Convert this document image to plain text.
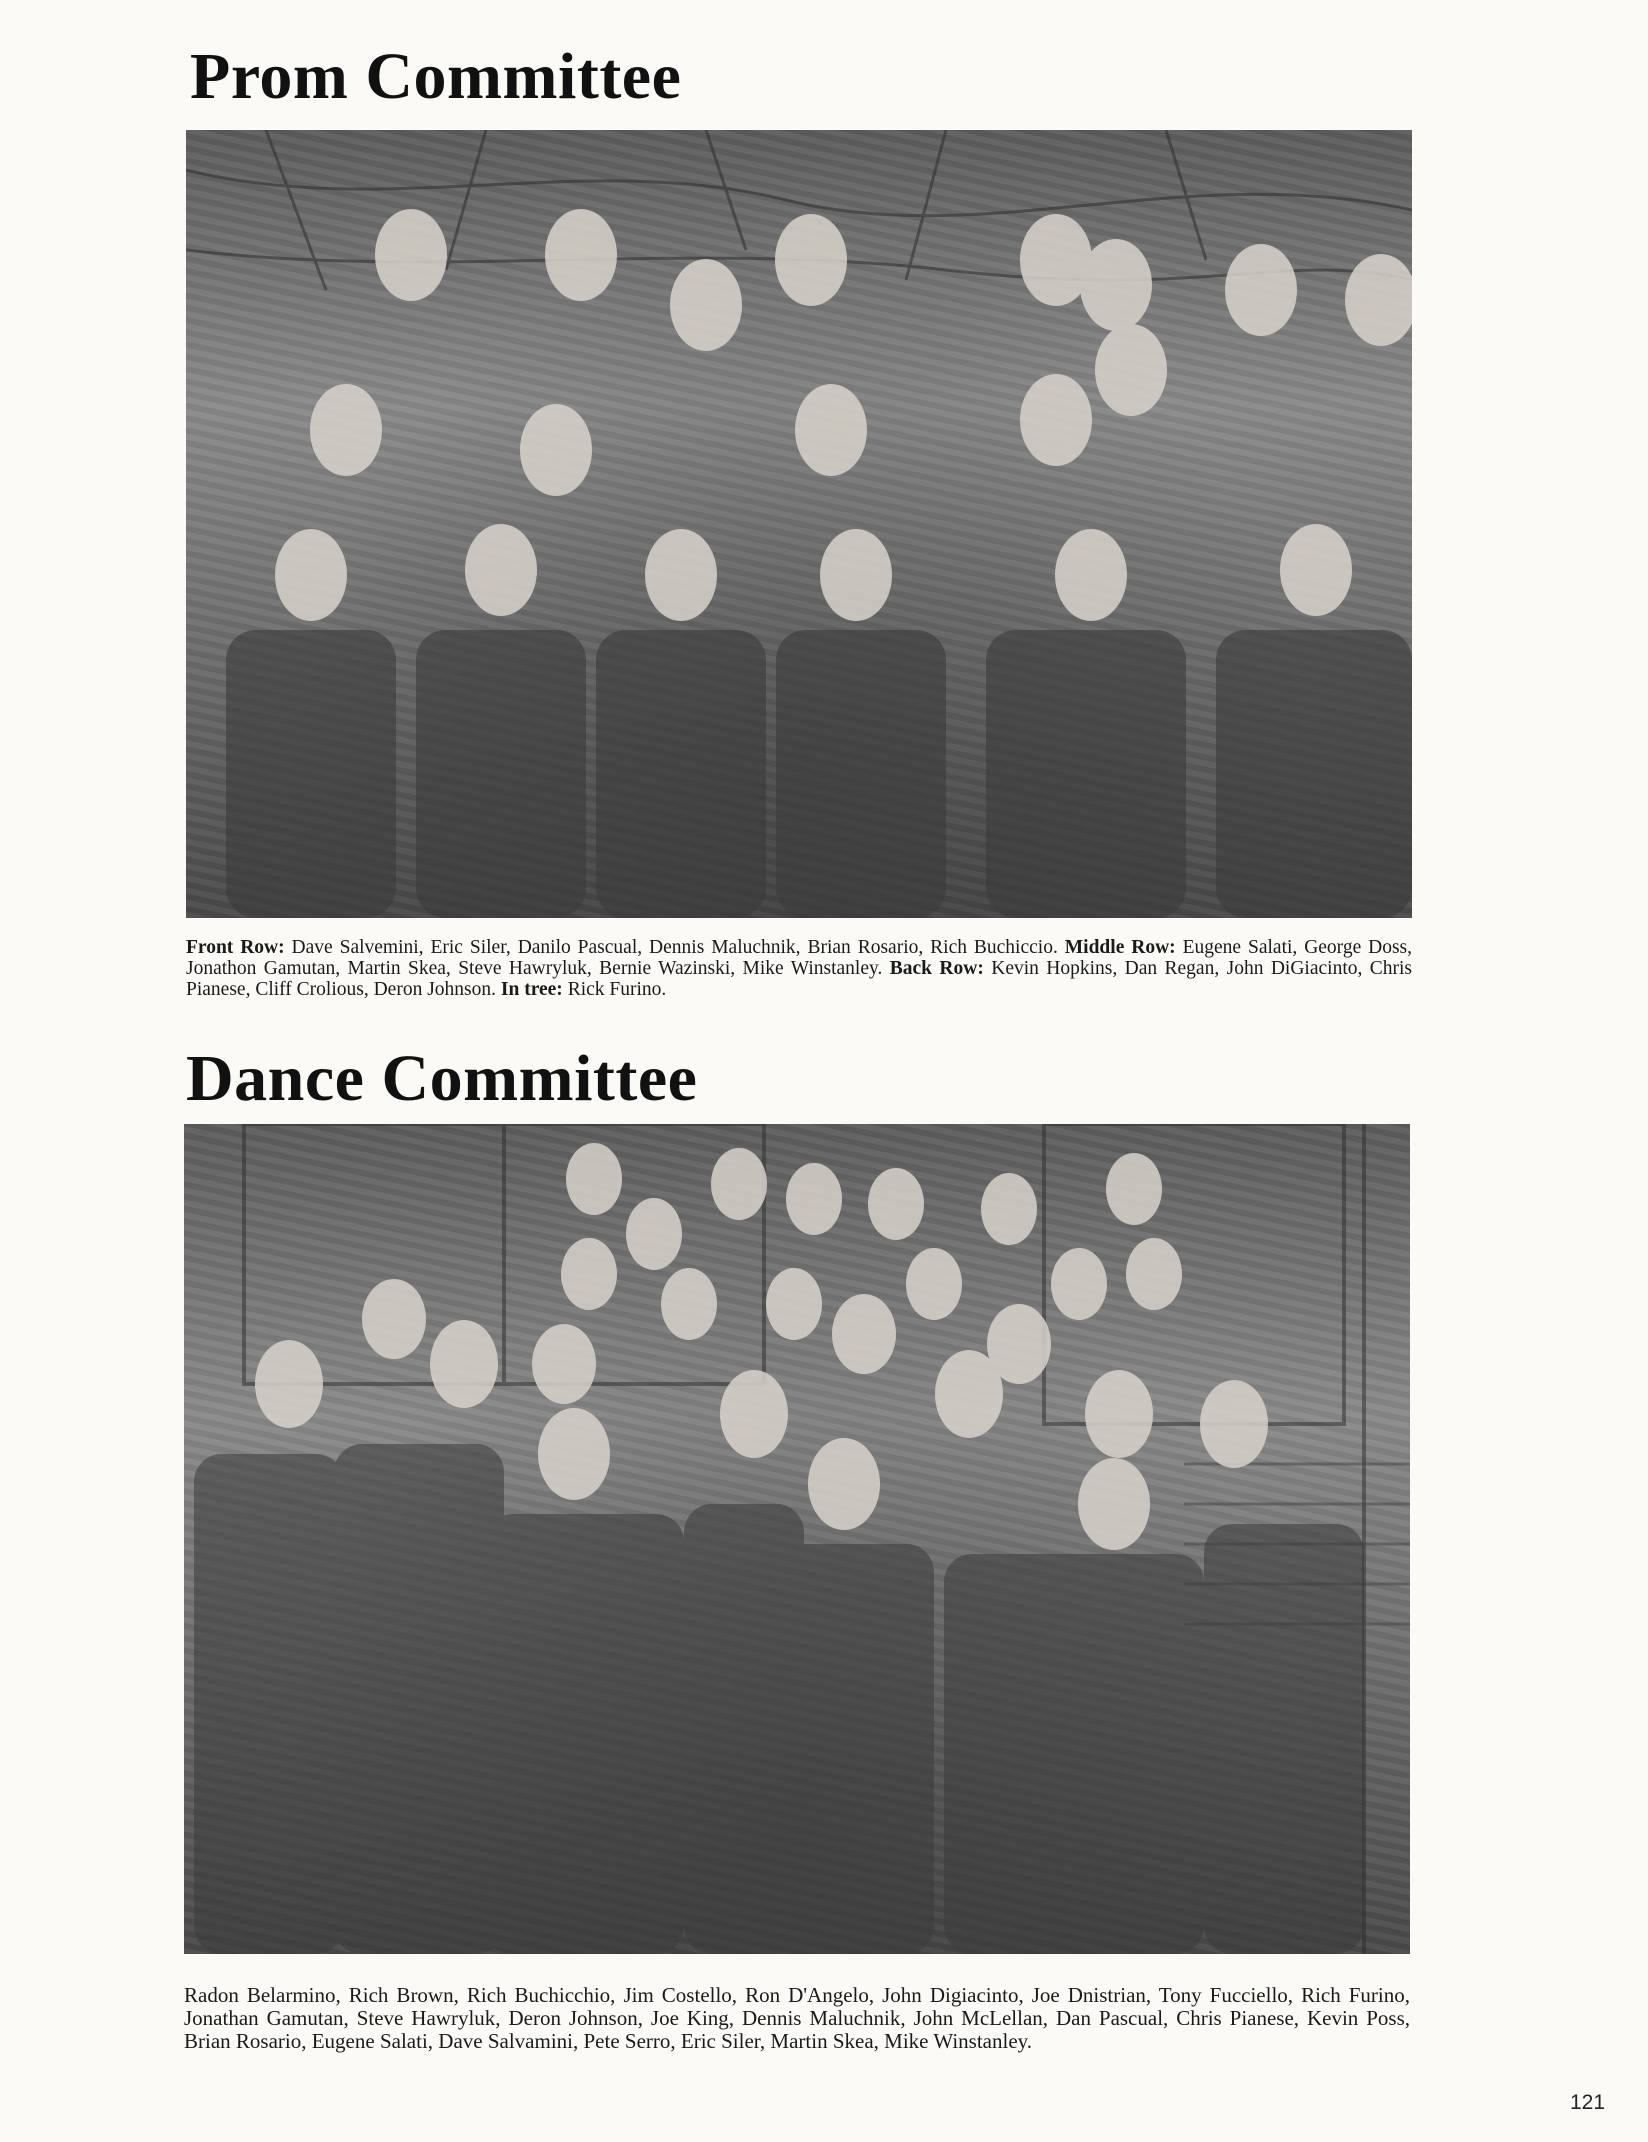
Prom Committee

Front Row: Dave Salvemini, Eric Siler, Danilo Pascual, Dennis Maluchnik, Brian Rosario, Rich Buchiccio. Middle Row: Eugene Salati, George Doss, Jonathon Gamutan, Martin Skea, Steve Hawryluk, Bernie Wazinski, Mike Winstanley. Back Row: Kevin Hopkins, Dan Regan, John DiGiacinto, Chris Pianese, Cliff Crolious, Deron Johnson. In tree: Rick Furino.

Dance Committee

Radon Belarmino, Rich Brown, Rich Buchicchio, Jim Costello, Ron D'Angelo, John Digiacinto, Joe Dnistrian, Tony Fucciello, Rich Furino, Jonathan Gamutan, Steve Hawryluk, Deron Johnson, Joe King, Dennis Maluchnik, John McLellan, Dan Pascual, Chris Pianese, Kevin Poss, Brian Rosario, Eugene Salati, Dave Salvamini, Pete Serro, Eric Siler, Martin Skea, Mike Winstanley.

121
